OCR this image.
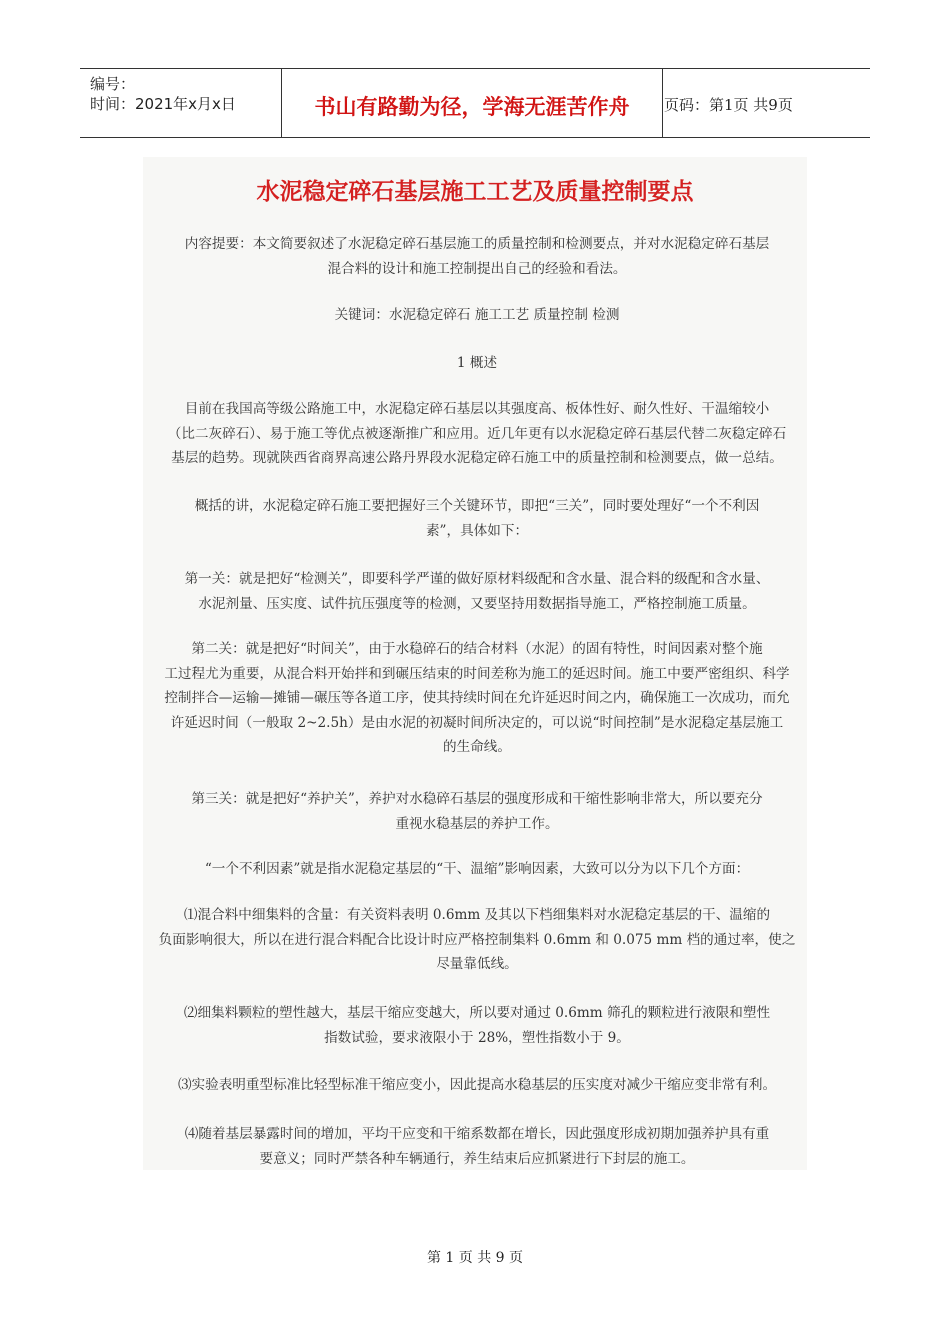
编号：
时间：2021年x月x日	书山有路勤为径，学海无涯苦作舟	页码：第1页 共9页
水泥稳定碎石基层施工工艺及质量控制要点
内容提要：本文简要叙述了水泥稳定碎石基层施工的质量控制和检测要点，并对水泥稳定碎石基层
混合料的设计和施工控制提出自己的经验和看法。
关键词：水泥稳定碎石 施工工艺 质量控制 检测
1 概述
目前在我国高等级公路施工中，水泥稳定碎石基层以其强度高、板体性好、耐久性好、干温缩较小
（比二灰碎石）、易于施工等优点被逐渐推广和应用。近几年更有以水泥稳定碎石基层代替二灰稳定碎石
基层的趋势。现就陕西省商界高速公路丹界段水泥稳定碎石施工中的质量控制和检测要点，做一总结。
概括的讲，水泥稳定碎石施工要把握好三个关键环节，即把“三关”，同时要处理好“一个不利因
素”，具体如下：
第一关：就是把好“检测关”，即要科学严谨的做好原材料级配和含水量、混合料的级配和含水量、
水泥剂量、压实度、试件抗压强度等的检测，又要坚持用数据指导施工，严格控制施工质量。
第二关：就是把好“时间关”，由于水稳碎石的结合材料（水泥）的固有特性，时间因素对整个施
工过程尤为重要，从混合料开始拌和到碾压结束的时间差称为施工的延迟时间。施工中要严密组织、科学
控制拌合—运输—摊铺—碾压等各道工序，使其持续时间在允许延迟时间之内，确保施工一次成功，而允
许延迟时间（一般取 2~2.5h）是由水泥的初凝时间所决定的，可以说“时间控制”是水泥稳定基层施工
的生命线。
第三关：就是把好“养护关”，养护对水稳碎石基层的强度形成和干缩性影响非常大，所以要充分
重视水稳基层的养护工作。
“一个不利因素”就是指水泥稳定基层的“干、温缩”影响因素，大致可以分为以下几个方面：
⑴混合料中细集料的含量：有关资料表明 0.6mm 及其以下档细集料对水泥稳定基层的干、温缩的
负面影响很大，所以在进行混合料配合比设计时应严格控制集料 0.6mm 和 0.075 mm 档的通过率，使之
尽量靠低线。
⑵细集料颗粒的塑性越大，基层干缩应变越大，所以要对通过 0.6mm 筛孔的颗粒进行液限和塑性
指数试验，要求液限小于 28%，塑性指数小于 9。
⑶实验表明重型标准比轻型标准干缩应变小，因此提高水稳基层的压实度对减少干缩应变非常有利。
⑷随着基层暴露时间的增加，平均干应变和干缩系数都在增长，因此强度形成初期加强养护具有重
要意义；同时严禁各种车辆通行，养生结束后应抓紧进行下封层的施工。
第 1 页 共 9 页
